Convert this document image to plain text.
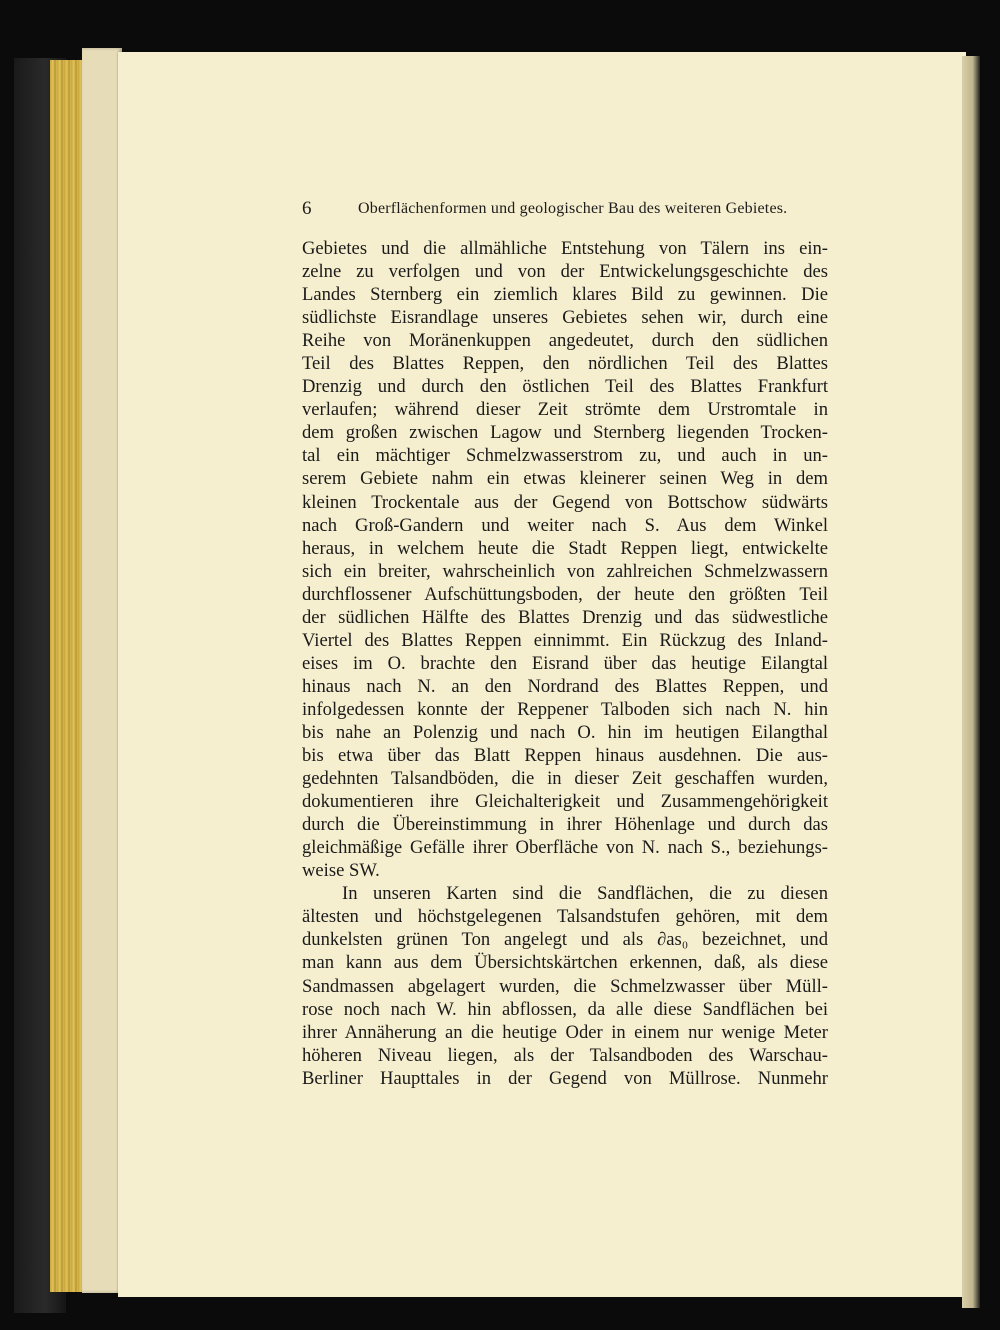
6	Oberflächenformen und geologischer Bau des weiteren Gebietes.
Gebietes und die allmähliche Entstehung von Tälern ins ein-
zelne zu verfolgen und von der Entwickelungsgeschichte des
Landes Sternberg ein ziemlich klares Bild zu gewinnen. Die
südlichste Eisrandlage unseres Gebietes sehen wir, durch eine
Reihe von Moränenkuppen angedeutet, durch den südlichen
Teil des Blattes Reppen, den nördlichen Teil des Blattes
Drenzig und durch den östlichen Teil des Blattes Frankfurt
verlaufen; während dieser Zeit strömte dem Urstromtale in
dem großen zwischen Lagow und Sternberg liegenden Trocken-
tal ein mächtiger Schmelzwasserstrom zu, und auch in un-
serem Gebiete nahm ein etwas kleinerer seinen Weg in dem
kleinen Trockentale aus der Gegend von Bottschow südwärts
nach Groß-Gandern und weiter nach S. Aus dem Winkel
heraus, in welchem heute die Stadt Reppen liegt, entwickelte
sich ein breiter, wahrscheinlich von zahlreichen Schmelzwassern
durchflossener Aufschüttungsboden, der heute den größten Teil
der südlichen Hälfte des Blattes Drenzig und das südwestliche
Viertel des Blattes Reppen einnimmt. Ein Rückzug des Inland-
eises im O. brachte den Eisrand über das heutige Eilangtal
hinaus nach N. an den Nordrand des Blattes Reppen, und
infolgedessen konnte der Reppener Talboden sich nach N. hin
bis nahe an Polenzig und nach O. hin im heutigen Eilangthal
bis etwa über das Blatt Reppen hinaus ausdehnen. Die aus-
gedehnten Talsandböden, die in dieser Zeit geschaffen wurden,
dokumentieren ihre Gleichalterigkeit und Zusammengehörigkeit
durch die Übereinstimmung in ihrer Höhenlage und durch das
gleichmäßige Gefälle ihrer Oberfläche von N. nach S., beziehungs-
weise SW.
In unseren Karten sind die Sandflächen, die zu diesen
ältesten und höchstgelegenen Talsandstufen gehören, mit dem
dunkelsten grünen Ton angelegt und als ∂as₀ bezeichnet, und
man kann aus dem Übersichtskärtchen erkennen, daß, als diese
Sandmassen abgelagert wurden, die Schmelzwasser über Müll-
rose noch nach W. hin abflossen, da alle diese Sandflächen bei
ihrer Annäherung an die heutige Oder in einem nur wenige Meter
höheren Niveau liegen, als der Talsandboden des Warschau-
Berliner Haupttales in der Gegend von Müllrose. Nunmehr
